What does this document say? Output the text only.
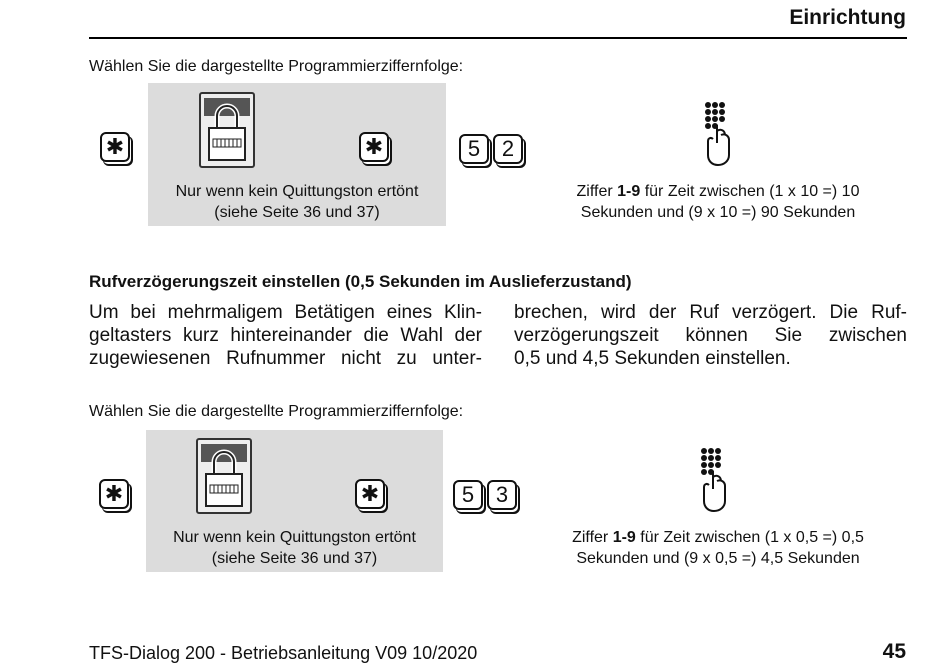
Einrichtung
Wählen Sie die dargestellte Programmierziffernfolge:
✱	✱
Nur wenn kein Quittungston ertönt
(siehe Seite 36 und 37)
5 2
Ziffer 1-9 für Zeit zwischen (1 x 10 =) 10
Sekunden und (9 x 10 =) 90 Sekunden
Rufverzögerungszeit einstellen (0,5 Sekunden im Auslieferzustand)
Um bei mehrmaligem Betätigen eines Klin-
geltasters kurz hintereinander die Wahl der
zugewiesenen Rufnummer nicht zu unter-
brechen, wird der Ruf verzögert. Die Ruf-
verzögerungszeit können Sie zwischen
0,5 und 4,5 Sekunden einstellen.
Wählen Sie die dargestellte Programmierziffernfolge:
✱	✱
Nur wenn kein Quittungston ertönt
(siehe Seite 36 und 37)
5 3
Ziffer 1-9 für Zeit zwischen (1 x 0,5 =) 0,5
Sekunden und (9 x 0,5 =) 4,5 Sekunden
TFS-Dialog 200 - Betriebsanleitung V09 10/2020	45
